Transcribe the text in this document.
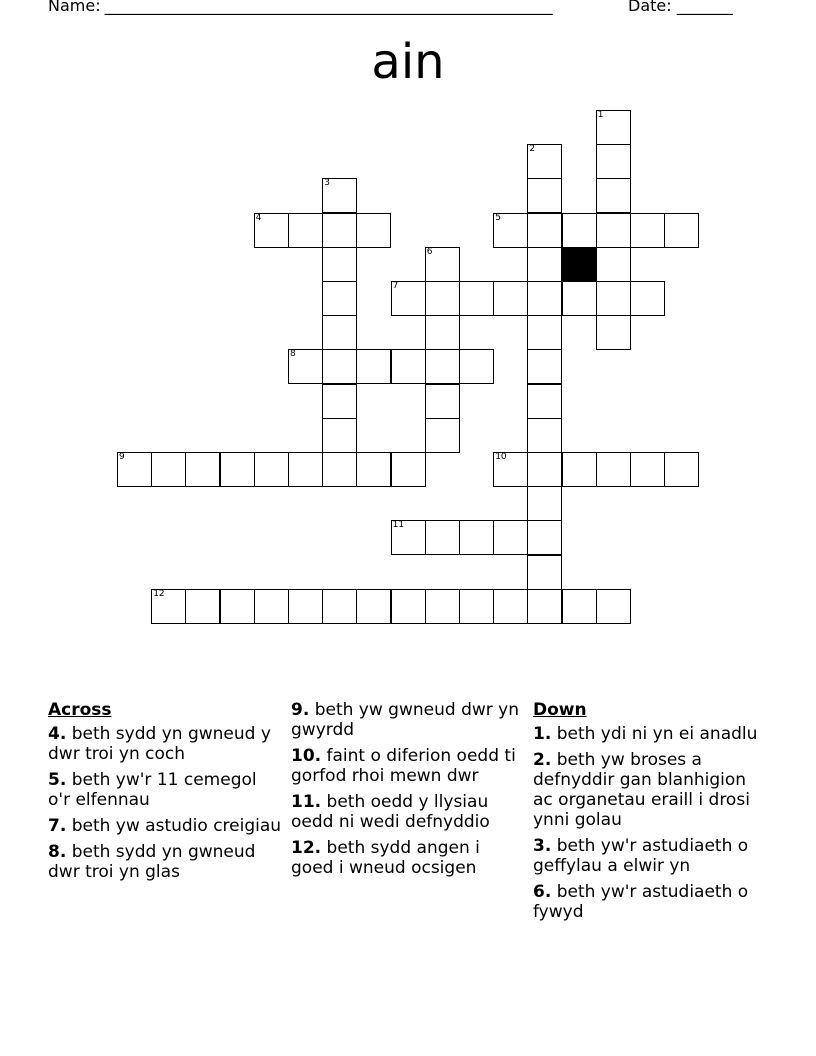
Name: ________________________________________________________	Date: _______
ain
1
2
3
4	5
6
7
8
9	10
11
12
Across
4. beth sydd yn gwneud y dwr troi yn coch
5. beth yw'r 11 cemegol o'r elfennau
7. beth yw astudio creigiau
8. beth sydd yn gwneud dwr troi yn glas
9. beth yw gwneud dwr yn gwyrdd
10. faint o diferion oedd ti gorfod rhoi mewn dwr
11. beth oedd y llysiau oedd ni wedi defnyddio
12. beth sydd angen i goed i wneud ocsigen
Down
1. beth ydi ni yn ei anadlu
2. beth yw broses a defnyddir gan blanhigion ac organetau eraill i drosi ynni golau
3. beth yw'r astudiaeth o geffylau a elwir yn
6. beth yw'r astudiaeth o fywyd
